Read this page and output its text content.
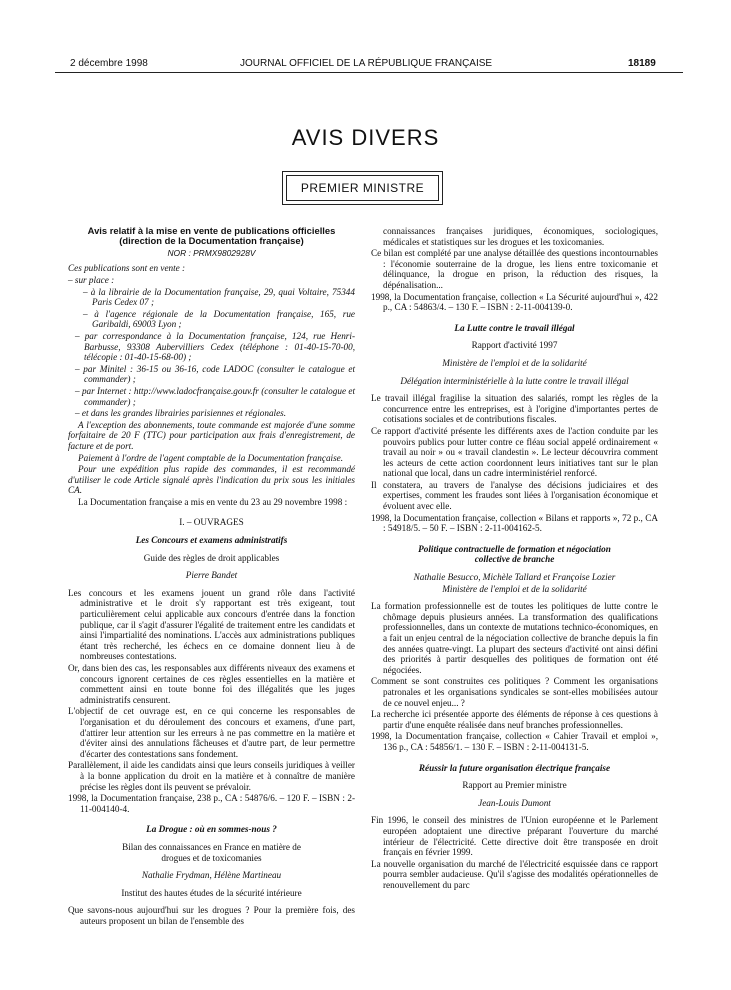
2 décembre 1998	JOURNAL OFFICIEL DE LA RÉPUBLIQUE FRANÇAISE	18189
AVIS DIVERS
PREMIER MINISTRE

Avis relatif à la mise en vente de publications officielles (direction de la Documentation française)

NOR : PRMX9802928V

Ces publications sont en vente :

– sur place :

– à la librairie de la Documentation française, 29, quai Voltaire, 75344 Paris Cedex 07 ;

– à l'agence régionale de la Documentation française, 165, rue Garibaldi, 69003 Lyon ;

– par correspondance à la Documentation française, 124, rue Henri-Barbusse, 93308 Aubervilliers Cedex (téléphone : 01-40-15-70-00, télécopie : 01-40-15-68-00) ;

– par Minitel : 36-15 ou 36-16, code LADOC (consulter le catalogue et commander) ;

– par Internet : http://www.ladocfrançaise.gouv.fr (consulter le catalogue et commander) ;

– et dans les grandes librairies parisiennes et régionales.

A l'exception des abonnements, toute commande est majorée d'une somme forfaitaire de 20 F (TTC) pour participation aux frais d'enregistrement, de facture et de port.

Paiement à l'ordre de l'agent comptable de la Documentation française.

Pour une expédition plus rapide des commandes, il est recommandé d'utiliser le code Article signalé après l'indication du prix sous les initiales CA.

La Documentation française a mis en vente du 23 au 29 novembre 1998 :

I. – OUVRAGES

Les Concours et examens administratifs

Guide des règles de droit applicables

Pierre Bandet

Les concours et les examens jouent un grand rôle dans l'activité administrative et le droit s'y rapportant est très exigeant, tout particulièrement celui applicable aux concours d'entrée dans la fonction publique, car il s'agit d'assurer l'égalité de traitement entre les candidats et ainsi l'impartialité des nominations. L'accès aux administrations publiques étant très recherché, les échecs en ce domaine donnent lieu à de nombreuses contestations.

Or, dans bien des cas, les responsables aux différents niveaux des examens et concours ignorent certaines de ces règles essentielles en la matière et commettent ainsi en toute bonne foi des illégalités que les juges administratifs censurent.

L'objectif de cet ouvrage est, en ce qui concerne les responsables de l'organisation et du déroulement des concours et examens, d'une part, d'attirer leur attention sur les erreurs à ne pas commettre en la matière et d'éviter ainsi des annulations fâcheuses et d'autre part, de leur permettre d'écarter des contestations sans fondement.

Parallèlement, il aide les candidats ainsi que leurs conseils juridiques à veiller à la bonne application du droit en la matière et à connaître de manière précise les règles dont ils peuvent se prévaloir.

1998, la Documentation française, 238 p., CA : 54876/6. – 120 F. – ISBN : 2-11-004140-4.

La Drogue : où en sommes-nous ?

Bilan des connaissances en France en matière de drogues et de toxicomanies

Nathalie Frydman, Hélène Martineau

Institut des hautes études de la sécurité intérieure

Que savons-nous aujourd'hui sur les drogues ? Pour la première fois, des auteurs proposent un bilan de l'ensemble des

connaissances françaises juridiques, économiques, sociologiques, médicales et statistiques sur les drogues et les toxicomanies.

Ce bilan est complété par une analyse détaillée des questions incontournables : l'économie souterraine de la drogue, les liens entre toxicomanie et délinquance, la drogue en prison, la réduction des risques, la dépénalisation...

1998, la Documentation française, collection « La Sécurité aujourd'hui », 422 p., CA : 54863/4. – 130 F. – ISBN : 2-11-004139-0.

La Lutte contre le travail illégal

Rapport d'activité 1997

Ministère de l'emploi et de la solidarité

Délégation interministérielle à la lutte contre le travail illégal

Le travail illégal fragilise la situation des salariés, rompt les règles de la concurrence entre les entreprises, est à l'origine d'importantes pertes de cotisations sociales et de contributions fiscales.

Ce rapport d'activité présente les différents axes de l'action conduite par les pouvoirs publics pour lutter contre ce fléau social appelé ordinairement « travail au noir » ou « travail clandestin ». Le lecteur découvrira comment les acteurs de cette action coordonnent leurs initiatives tant sur le plan national que local, dans un cadre interministériel renforcé.

Il constatera, au travers de l'analyse des décisions judiciaires et des expertises, comment les fraudes sont liées à l'organisation économique et évoluent avec elle.

1998, la Documentation française, collection « Bilans et rapports », 72 p., CA : 54918/5. – 50 F. – ISBN : 2-11-004162-5.

Politique contractuelle de formation et négociation collective de branche

Nathalie Besucco, Michèle Tallard et Françoise Lozier

Ministère de l'emploi et de la solidarité

La formation professionnelle est de toutes les politiques de lutte contre le chômage depuis plusieurs années. La transformation des qualifications professionnelles, dans un contexte de mutations technico-économiques, en a fait un enjeu central de la négociation collective de branche depuis la fin des années quatre-vingt. La plupart des secteurs d'activité ont ainsi défini des priorités à partir desquelles des politiques de formation ont été négociées.

Comment se sont construites ces politiques ? Comment les organisations patronales et les organisations syndicales se sont-elles mobilisées autour de ce nouvel enjeu... ?

La recherche ici présentée apporte des éléments de réponse à ces questions à partir d'une enquête réalisée dans neuf branches professionnelles.

1998, la Documentation française, collection « Cahier Travail et emploi », 136 p., CA : 54856/1. – 130 F. – ISBN : 2-11-004131-5.

Réussir la future organisation électrique française

Rapport au Premier ministre

Jean-Louis Dumont

Fin 1996, le conseil des ministres de l'Union européenne et le Parlement européen adoptaient une directive préparant l'ouverture du marché intérieur de l'électricité. Cette directive doit être transposée en droit français en février 1999.

La nouvelle organisation du marché de l'électricité esquissée dans ce rapport pourra sembler audacieuse. Qu'il s'agisse des modalités opérationnelles de renouvellement du parc
